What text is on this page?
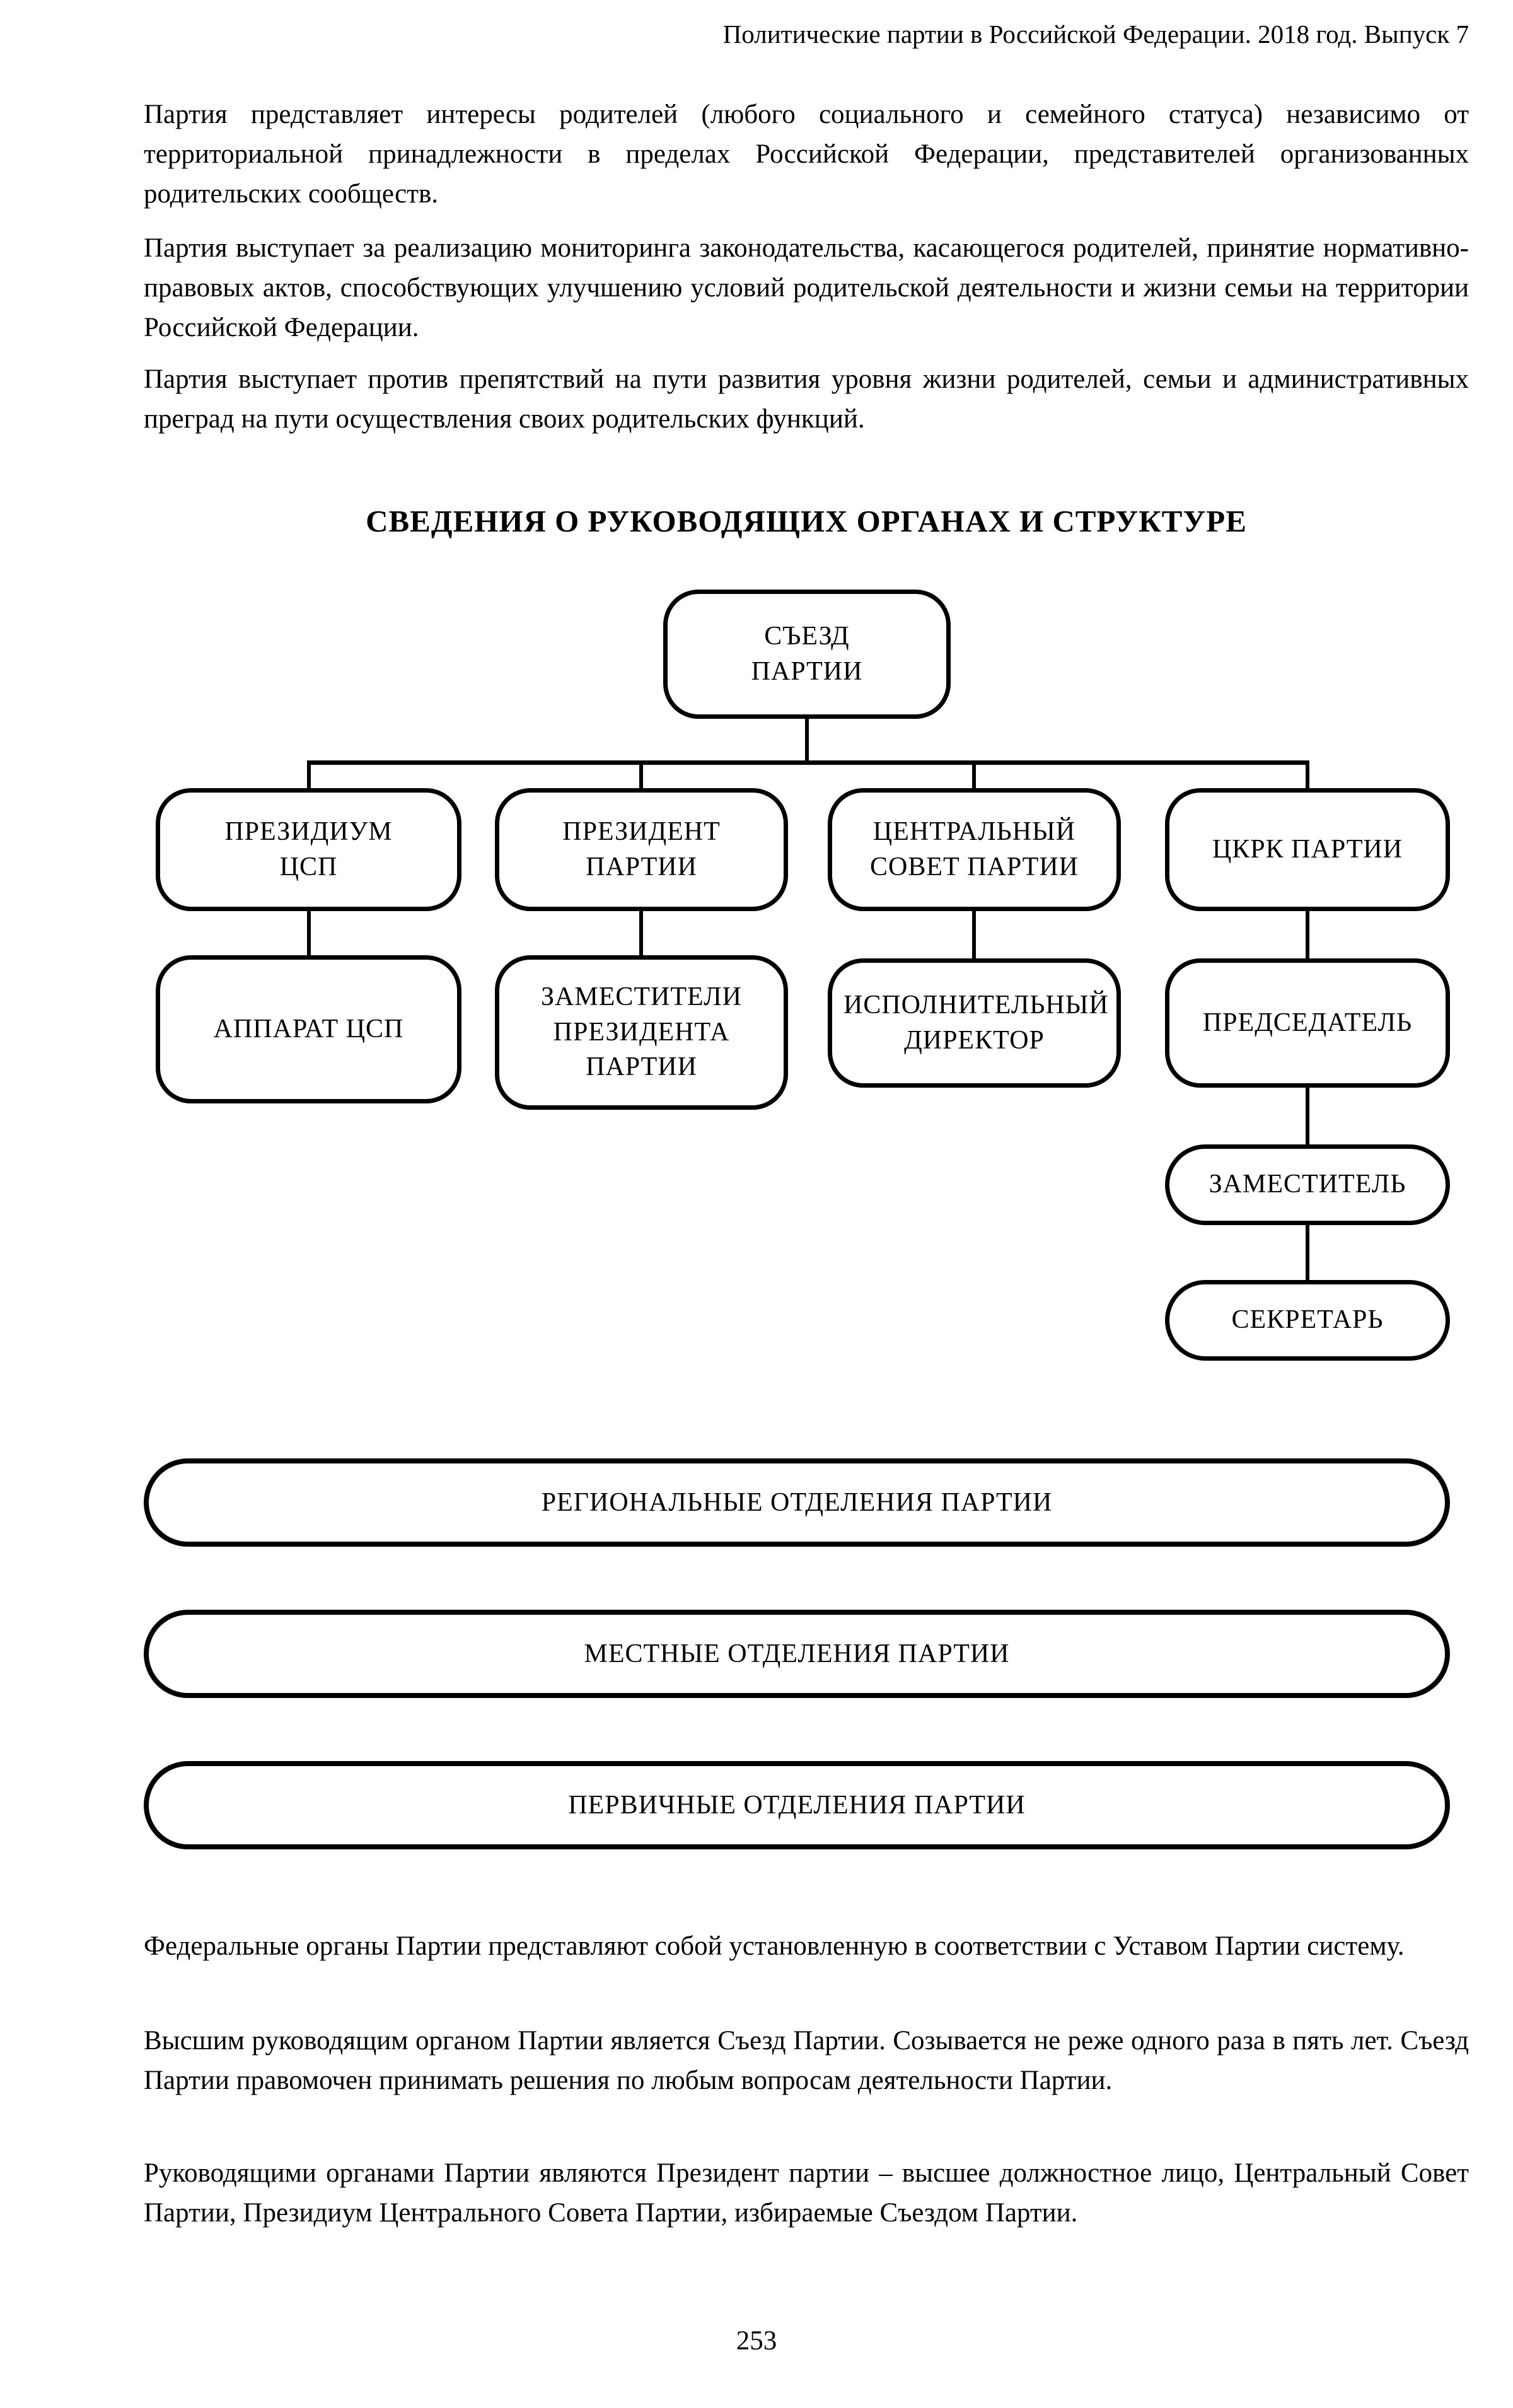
Политические партии в Российской Федерации. 2018 год. Выпуск 7
Партия представляет интересы родителей (любого социального и семейного статуса) независимо от территориальной принадлежности в пределах Российской Федерации, представителей организованных родительских сообществ.
Партия выступает за реализацию мониторинга законодательства, касающегося родителей, принятие нормативно-правовых актов, способствующих улучшению условий родительской деятельности и жизни семьи на территории Российской Федерации.
Партия выступает против препятствий на пути развития уровня жизни родителей, семьи и административных преград на пути осуществления своих родительских функций.
СВЕДЕНИЯ О РУКОВОДЯЩИХ ОРГАНАХ И СТРУКТУРЕ
СЪЕЗД ПАРТИИ
ПРЕЗИДИУМ ЦСП
ПРЕЗИДЕНТ ПАРТИИ
ЦЕНТРАЛЬНЫЙ СОВЕТ ПАРТИИ
ЦКРК ПАРТИИ
АППАРАТ ЦСП
ЗАМЕСТИТЕЛИ ПРЕЗИДЕНТА ПАРТИИ
ИСПОЛНИТЕЛЬНЫЙ ДИРЕКТОР
ПРЕДСЕДАТЕЛЬ
ЗАМЕСТИТЕЛЬ
СЕКРЕТАРЬ
РЕГИОНАЛЬНЫЕ ОТДЕЛЕНИЯ ПАРТИИ
МЕСТНЫЕ ОТДЕЛЕНИЯ ПАРТИИ
ПЕРВИЧНЫЕ ОТДЕЛЕНИЯ ПАРТИИ
Федеральные органы Партии представляют собой установленную в соответствии с Уставом Партии систему.
Высшим руководящим органом Партии является Съезд Партии. Созывается не реже одного раза в пять лет. Съезд Партии правомочен принимать решения по любым вопросам деятельности Партии.
Руководящими органами Партии являются Президент партии – высшее должностное лицо, Центральный Совет Партии, Президиум Центрального Совета Партии, избираемые Съездом Партии.
253
